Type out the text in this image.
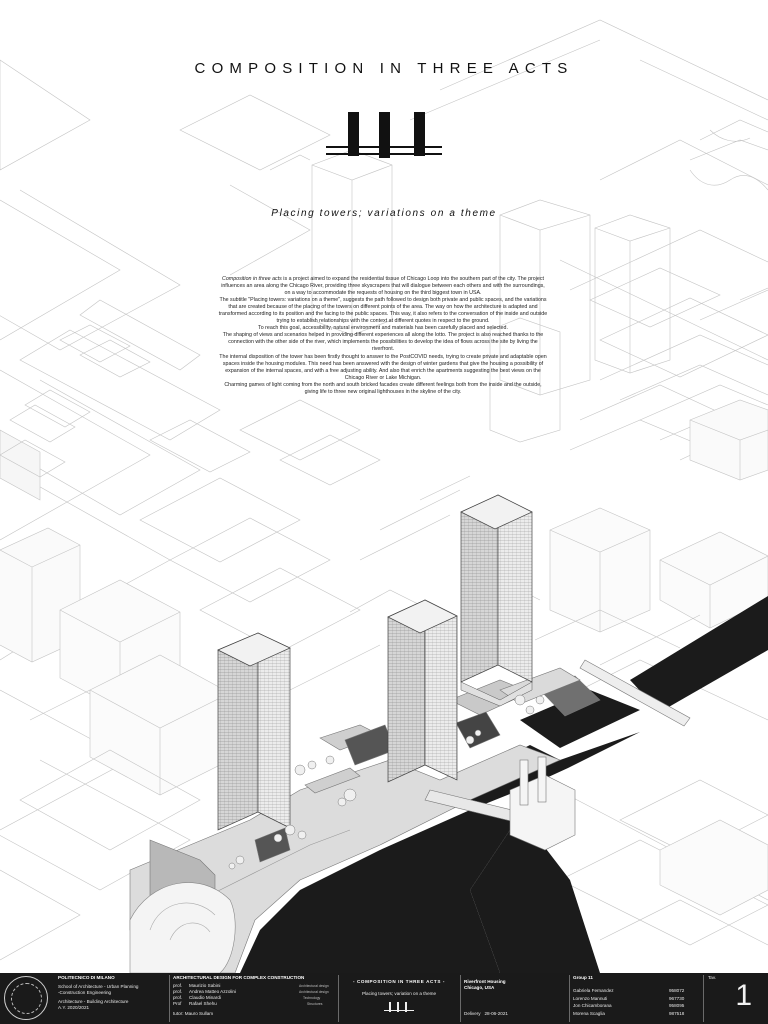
COMPOSITION IN THREE ACTS
Placing towers; variations on a theme

Composition in three acts is a project aimed to expand the residential tissue of Chicago Loop into the southern part of the city. The project influences an area along the Chicago River, providing three skyscrapers that will dialogue between each others and with the surroundings, on a way to accommodate the requests of housing on the third biggest town in USA.

The subtitle "Placing towers: variations on a theme", suggests the path followed to design both private and public spaces, and the variations that are created because of the placing of the towers on different points of the area. The way on how the architecture is adapted and transformed according to its position and the facing to the public spaces. This way, it also refers to the conversation of the inside and outside trying to establish relationships with the context at different quotes in respect to the ground.

To reach this goal, accessibility, natural environment and materials has been carefully placed and selected.

The shaping of views and scenarios helped in providing different experiences all along the lotto. The project is also reached thanks to the connection with the other side of the river, which implements the possibilities to develop the idea of flows across the site by living the riverfront.

The internal disposition of the tower has been firstly thought to answer to the PostCOVID needs, trying to create private and adaptable open spaces inside the housing modules. This need has been answered with the design of winter gardens that give the housing a possibility of expansion of the internal spaces, and with a free adjusting ability. And also that enrich the apartments suggesting the best views on the Chicago River or Lake Michigan.

Charming games of light coming from the north and south bricked facades create different feelings both from the inside and the outside, giving life to three new original lighthouses in the skyline of the city.

POLITECNICO DI MILANO
School of Architecture - Urban Planning
-Construction Engineering
Architecture - Building Architecture
A.Y. 2020/2021
ARCHITECTURAL DESIGN FOR COMPLEX CONSTRUCTION
prof. Maurizio Sabini	Architectural design
prof. Andrea Matteo Azzolini	Architectural design
prof. Claudio Minardi	Technology
Prof Rafael Shehu	Structures
tutor: Mauro Sullam
- COMPOSITION IN THREE ACTS -
Placing towers; variation on a theme
Riverfront Housing
Chicago, USA
Delivery 28-06-2021
Group 11
Gabriela Fernandez	958072
Lorenzo Mannuti	967730
Jon Chicamborana	958095
Morena Scaglia	987518
Tav.
1
